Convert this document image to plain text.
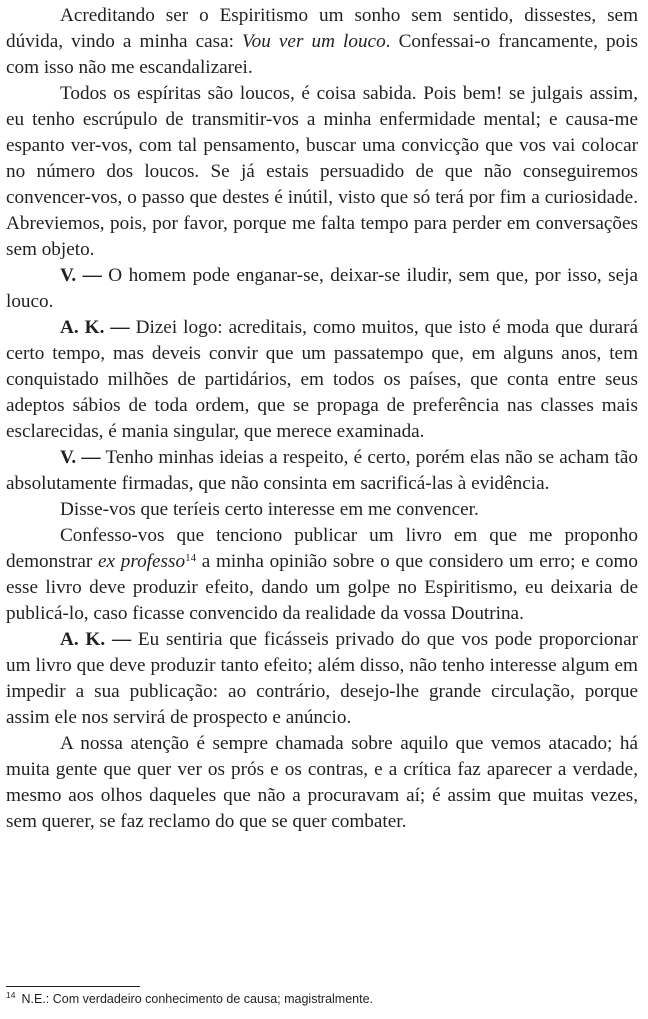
Acreditando ser o Espiritismo um sonho sem sentido, dissestes, sem dúvida, vindo a minha casa: Vou ver um louco. Confessai-o francamente, pois com isso não me escandalizarei.

Todos os espíritas são loucos, é coisa sabida. Pois bem! se julgais assim, eu tenho escrúpulo de transmitir-vos a minha enfermidade mental; e causa-me espanto ver-vos, com tal pensamento, buscar uma convicção que vos vai colocar no número dos loucos. Se já estais persuadido de que não conseguiremos convencer-vos, o passo que destes é inútil, visto que só terá por fim a curiosidade. Abreviemos, pois, por favor, porque me falta tempo para perder em conversações sem objeto.

V. — O homem pode enganar-se, deixar-se iludir, sem que, por isso, seja louco.

A. K. — Dizei logo: acreditais, como muitos, que isto é moda que durará certo tempo, mas deveis convir que um passatempo que, em alguns anos, tem conquistado milhões de partidários, em todos os países, que conta entre seus adeptos sábios de toda ordem, que se propaga de preferência nas classes mais esclarecidas, é mania singular, que merece examinada.

V. — Tenho minhas ideias a respeito, é certo, porém elas não se acham tão absolutamente firmadas, que não consinta em sacrificá-las à evidência.

Disse-vos que teríeis certo interesse em me convencer.

Confesso-vos que tenciono publicar um livro em que me proponho demonstrar ex professo$^{14}$ a minha opinião sobre o que considero um erro; e como esse livro deve produzir efeito, dando um golpe no Espiritismo, eu deixaria de publicá-lo, caso ficasse convencido da realidade da vossa Doutrina.

A. K. — Eu sentiria que ficásseis privado do que vos pode proporcionar um livro que deve produzir tanto efeito; além disso, não tenho interesse algum em impedir a sua publicação: ao contrário, desejo-lhe grande circulação, porque assim ele nos servirá de prospecto e anúncio.

A nossa atenção é sempre chamada sobre aquilo que vemos atacado; há muita gente que quer ver os prós e os contras, e a crítica faz aparecer a verdade, mesmo aos olhos daqueles que não a procuravam aí; é assim que muitas vezes, sem querer, se faz reclamo do que se quer combater.

$^{14}$ N.E.: Com verdadeiro conhecimento de causa; magistralmente.
